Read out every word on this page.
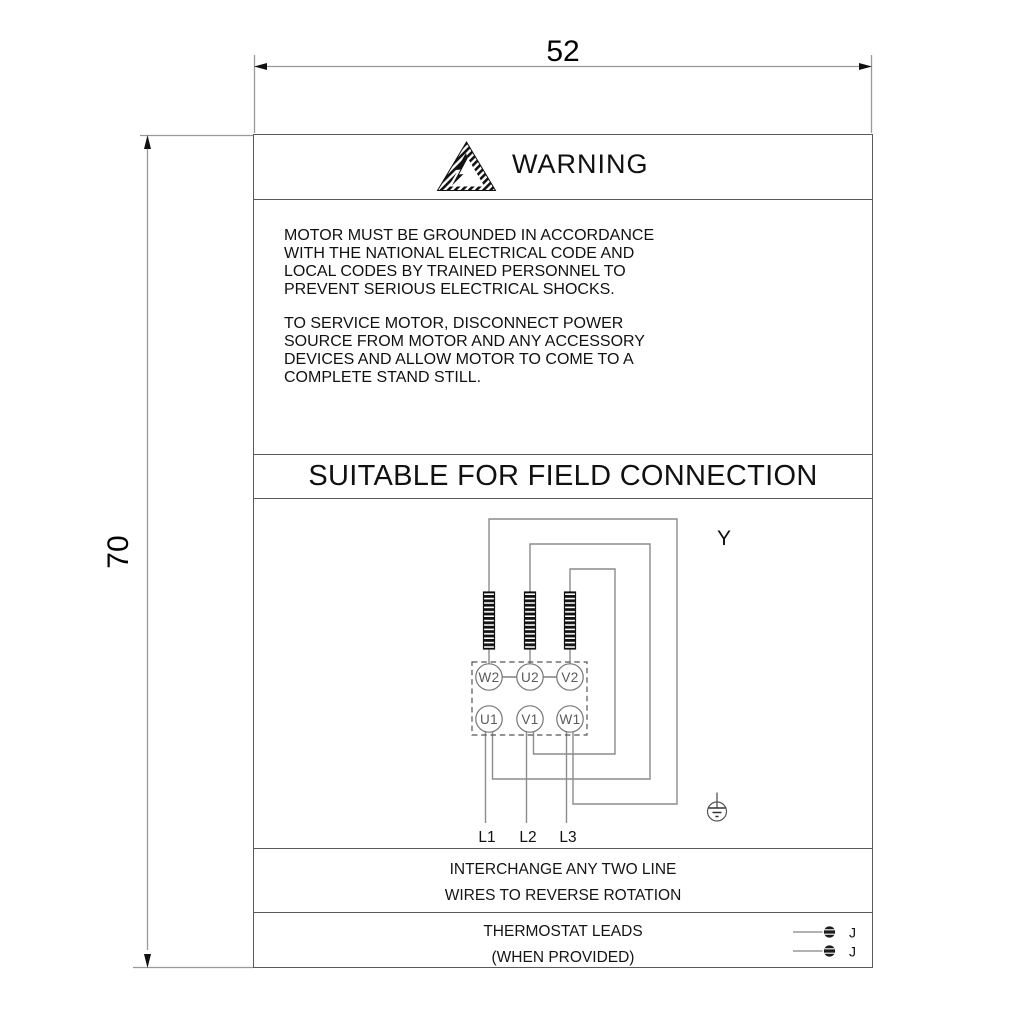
52
70
WARNING

MOTOR MUST BE GROUNDED IN ACCORDANCE
WITH THE NATIONAL ELECTRICAL CODE AND
LOCAL CODES BY TRAINED PERSONNEL TO
PREVENT SERIOUS ELECTRICAL SHOCKS.

TO SERVICE MOTOR, DISCONNECT POWER
SOURCE FROM MOTOR AND ANY ACCESSORY
DEVICES AND ALLOW MOTOR TO COME TO A
COMPLETE STAND STILL.

SUITABLE FOR FIELD CONNECTION
W2 U2 V2
U1 V1 W1
L1 L2 L3
Y
INTERCHANGE ANY TWO LINE
WIRES TO REVERSE ROTATION
THERMOSTAT LEADS
(WHEN PROVIDED)
J
J
